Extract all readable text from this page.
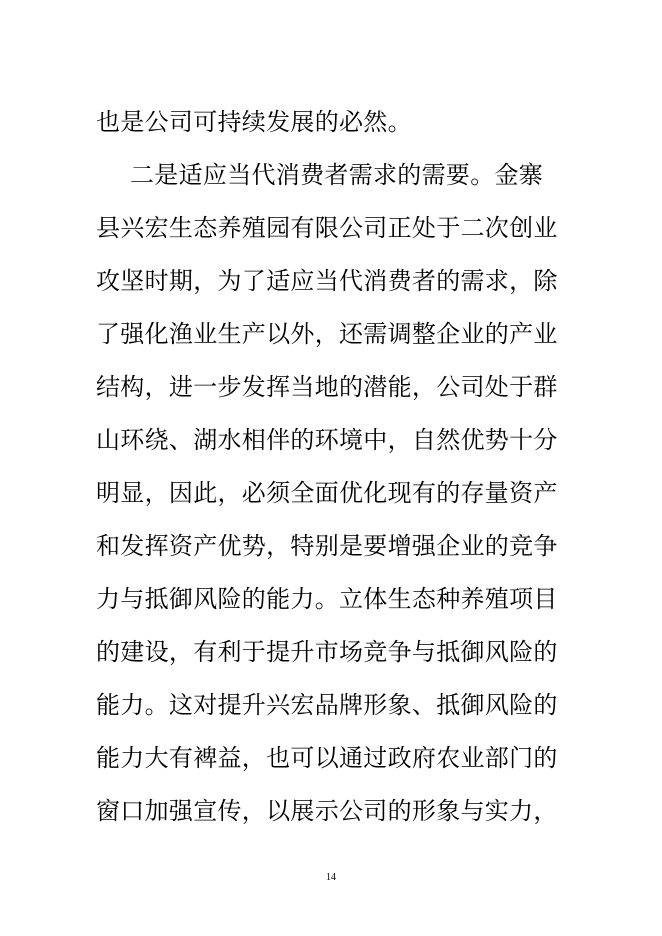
也是公司可持续发展的必然。
二是适应当代消费者需求的需要。金寨
县兴宏生态养殖园有限公司正处于二次创业
攻坚时期，为了适应当代消费者的需求，除
了强化渔业生产以外，还需调整企业的产业
结构，进一步发挥当地的潜能，公司处于群
山环绕、湖水相伴的环境中，自然优势十分
明显，因此，必须全面优化现有的存量资产
和发挥资产优势，特别是要增强企业的竞争
力与抵御风险的能力。立体生态种养殖项目
的建设，有利于提升市场竞争与抵御风险的
能力。这对提升兴宏品牌形象、抵御风险的
能力大有裨益，也可以通过政府农业部门的
窗口加强宣传，以展示公司的形象与实力，
14
